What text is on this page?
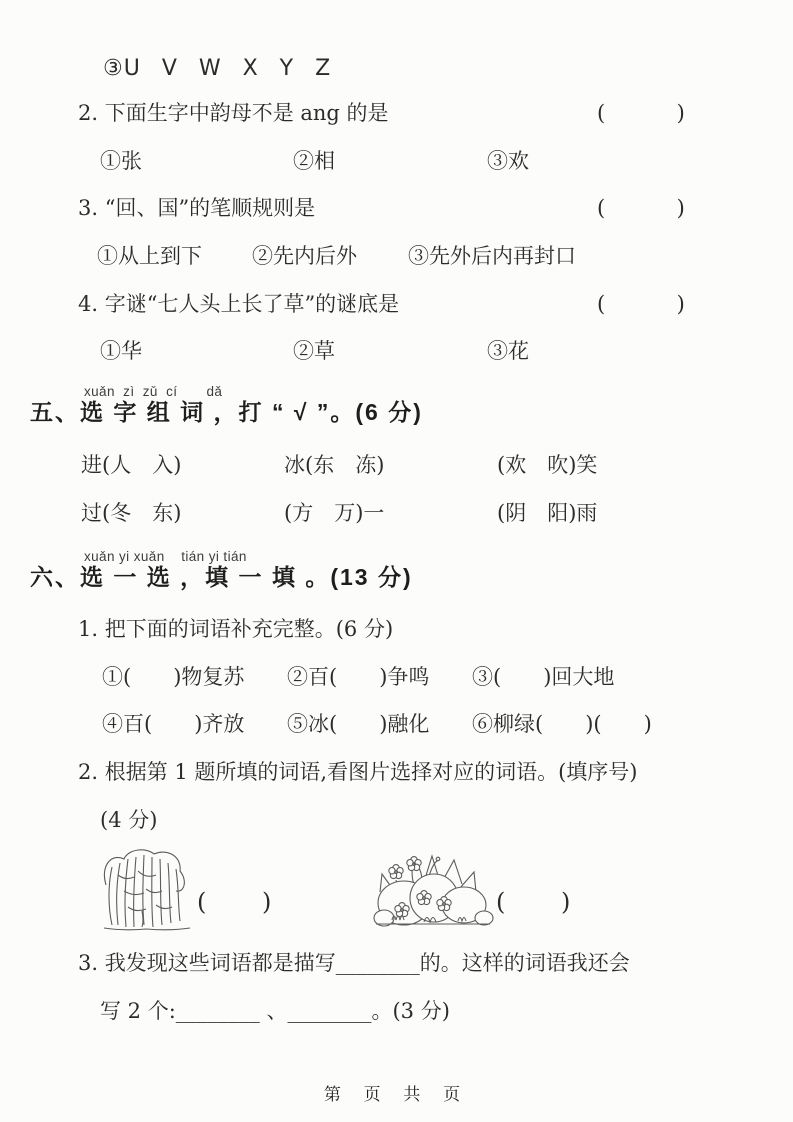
③U V W X Y Z
2. 下面生字中韵母不是 ang 的是	(        )
①张	②相	③欢
3. “回、国”的笔顺规则是	(        )
①从上到下 ②先内后外 ③先外后内再封口
4. 字谜“七人头上长了草”的谜底是	(        )
①华	②草	③花
xuǎn  zì  zǔ  cí       dǎ
五、选 字 组 词 ，打 “ √ ”。(6 分)
进(人　入)	冰(东　冻)	(欢　吹)笑
过(冬　东)	(方　万)一	(阴　阳)雨
xuǎn yi xuǎn    tián yi tián
六、选 一 选 ，填 一 填 。(13 分)
1. 把下面的词语补充完整。(6 分)
①(　　)物复苏 ②百(　　)争鸣 ③(　　)回大地
④百(　　)齐放 ⑤冰(　　)融化 ⑥柳绿(　　)(　　)
2. 根据第 1 题所填的词语,看图片选择对应的词语。(填序号)
(4 分)
(　 　)	(　 　)
3. 我发现这些词语都是描写________的。这样的词语我还会
写 2 个:________ 、________。(3 分)
第 页 共 页
